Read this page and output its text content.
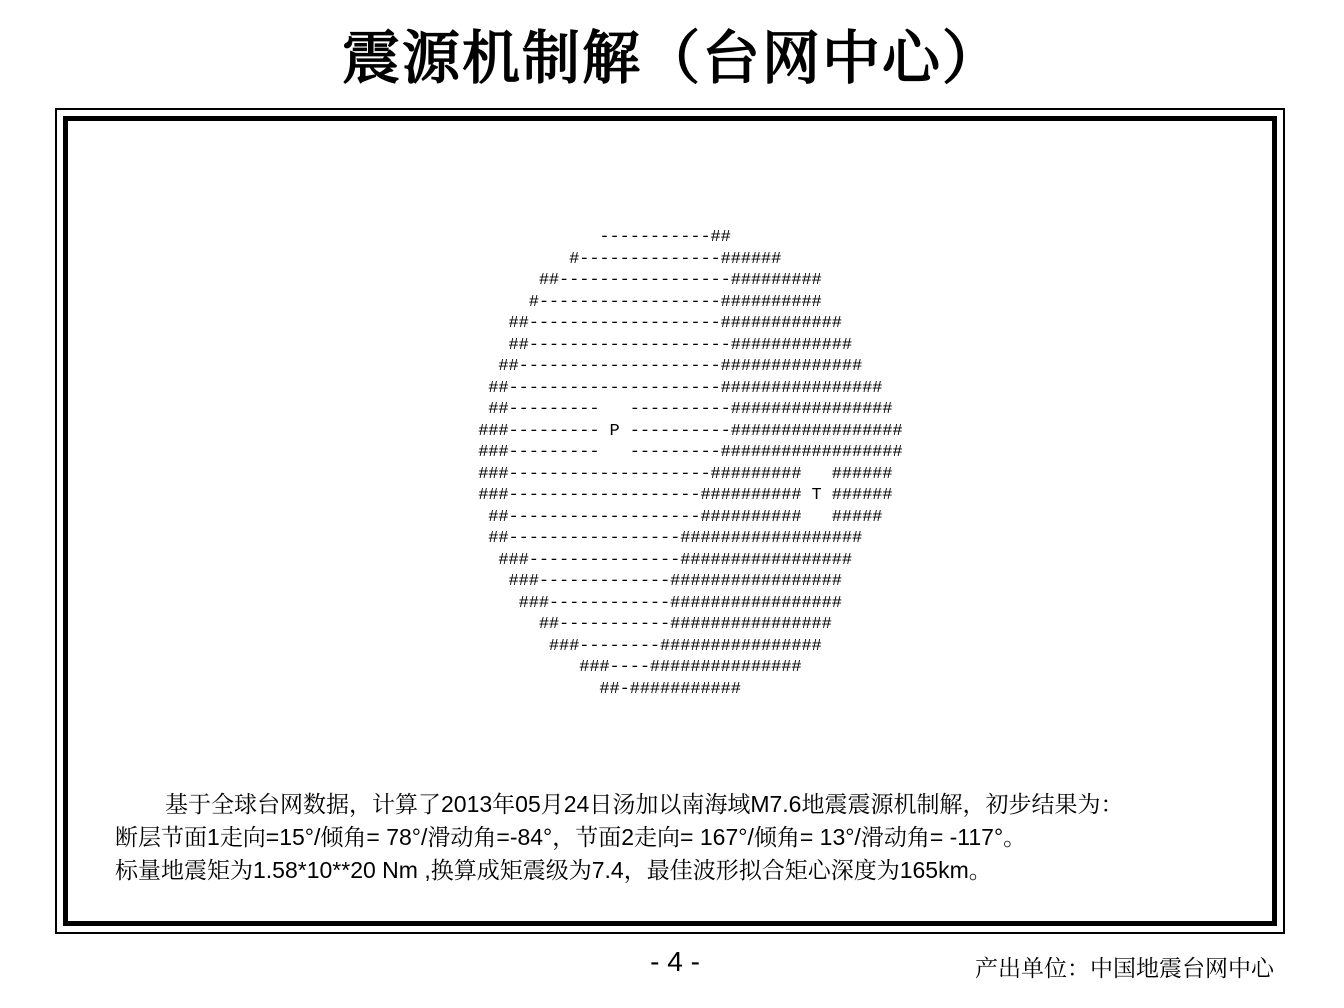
震源机制解（台网中心）
-----------##
#--------------######
##-----------------#########
#------------------##########
##-------------------############
##--------------------############
##--------------------##############
##---------------------################
##---------   ----------################
###--------- P ----------#################
###---------   ---------##################
###--------------------#########   ######
###-------------------########## T ######
##-------------------##########   #####
##-----------------##################
###---------------#################
###-------------#################
###------------#################
##-----------################
###--------################
###----###############
##-###########

基于全球台网数据，计算了2013年05月24日汤加以南海域M7.6地震震源机制解，初步结果为：

断层节面1走向=15°/倾角= 78°/滑动角=-84°，节面2走向= 167°/倾角= 13°/滑动角= -117°。

标量地震矩为1.58*10**20 Nm ,换算成矩震级为7.4，最佳波形拟合矩心深度为165km。

- 4 -	产出单位：中国地震台网中心
